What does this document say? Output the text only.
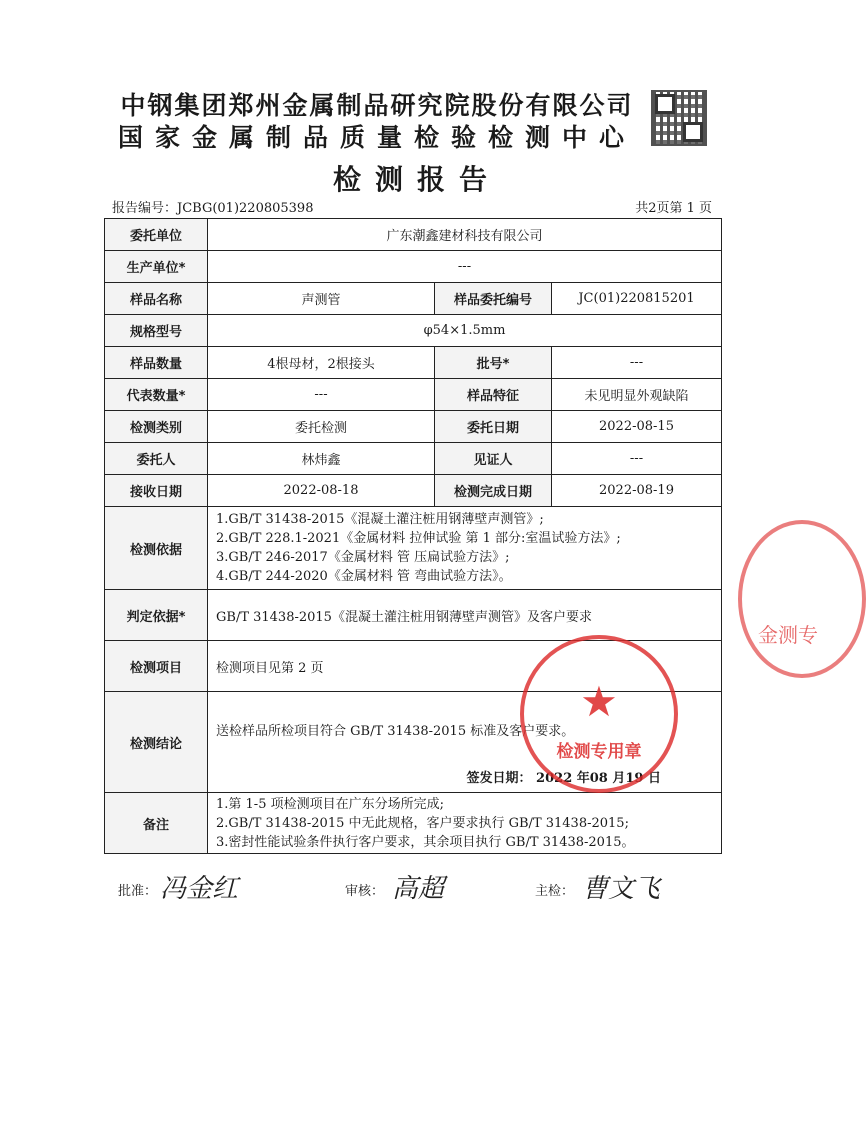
中钢集团郑州金属制品研究院股份有限公司
国家金属制品质量检验检测中心
检测报告
报告编号：JCBG(01)220805398	共2页第 1 页
委托单位	广东潮鑫建材科技有限公司		
生产单位*	---		
样品名称	声测管	样品委托编号	JC(01)220815201
规格型号	φ54×1.5mm		
样品数量	4根母材，2根接头	批号*	---
代表数量*	---	样品特征	未见明显外观缺陷
检测类别	委托检测	委托日期	2022-08-15
委托人	林炜鑫	见证人	---
接收日期	2022-08-18	检测完成日期	2022-08-19
检测依据	1.GB/T 31438-2015《混凝土灌注桩用钢薄壁声测管》;
2.GB/T 228.1-2021《金属材料 拉伸试验 第 1 部分:室温试验方法》;
3.GB/T 246-2017《金属材料 管 压扁试验方法》;
4.GB/T 244-2020《金属材料 管 弯曲试验方法》。		

判定依据*	GB/T 31438-2015《混凝土灌注桩用钢薄壁声测管》及客户要求		
检测项目	检测项目见第 2 页		
检测结论	送检样品所检项目符合 GB/T 31438-2015 标准及客户要求。
签发日期： 2022 年08 月19 日		

备注	1.第 1-5 项检测项目在广东分场所完成;
2.GB/T 31438-2015 中无此规格，客户要求执行 GB/T 31438-2015;
3.密封性能试验条件执行客户要求，其余项目执行 GB/T 31438-2015。		
★
检测专用章
金测专
批准： 冯金红	审核： 高超	主检： 曹文飞
